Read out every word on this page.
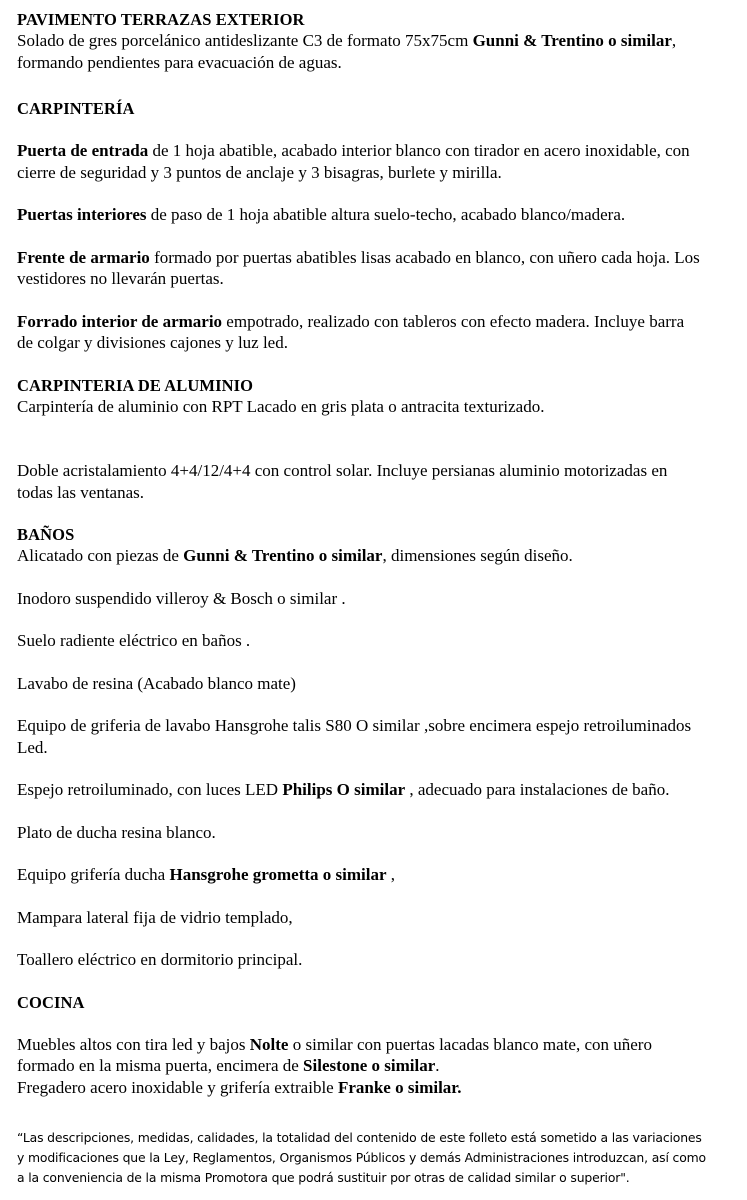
PAVIMENTO TERRAZAS EXTERIOR

Solado de gres porcelánico antideslizante C3 de formato 75x75cm Gunni & Trentino o similar, formando pendientes para evacuación de aguas.

CARPINTERÍA

Puerta de entrada de 1 hoja abatible, acabado interior blanco con tirador en acero inoxidable, con cierre de seguridad y 3 puntos de anclaje y 3 bisagras, burlete y mirilla.

Puertas interiores de paso de 1 hoja abatible altura suelo-techo, acabado blanco/madera.

Frente de armario formado por puertas abatibles lisas acabado en blanco, con uñero cada hoja. Los vestidores no llevarán puertas.

Forrado interior de armario empotrado, realizado con tableros con efecto madera. Incluye barra de colgar y divisiones cajones y luz led.

CARPINTERIA DE ALUMINIO

Carpintería de aluminio con RPT Lacado en gris plata o antracita texturizado.

Doble acristalamiento 4+4/12/4+4 con control solar. Incluye persianas aluminio motorizadas en todas las ventanas.

BAÑOS

Alicatado con piezas de Gunni & Trentino o similar, dimensiones según diseño.

Inodoro suspendido villeroy & Bosch o similar .

Suelo radiente eléctrico en baños .

Lavabo de resina (Acabado blanco mate)

Equipo de griferia de lavabo Hansgrohe talis S80 O similar ,sobre encimera espejo retroiluminados Led.

Espejo retroiluminado, con luces LED Philips O similar , adecuado para instalaciones de baño.

Plato de ducha resina blanco.

Equipo grifería ducha Hansgrohe grometta o similar ,

Mampara lateral fija de vidrio templado,

Toallero eléctrico en dormitorio principal.

COCINA

Muebles altos con tira led y bajos Nolte o similar con puertas lacadas blanco mate, con uñero formado en la misma puerta, encimera de Silestone o similar.

Fregadero acero inoxidable y grifería extraible Franke o similar.

“Las descripciones, medidas, calidades, la totalidad del contenido de este folleto está sometido a las variaciones y modificaciones que la Ley, Reglamentos, Organismos Públicos y demás Administraciones introduzcan, así como a la conveniencia de la misma Promotora que podrá sustituir por otras de calidad similar o superior".
